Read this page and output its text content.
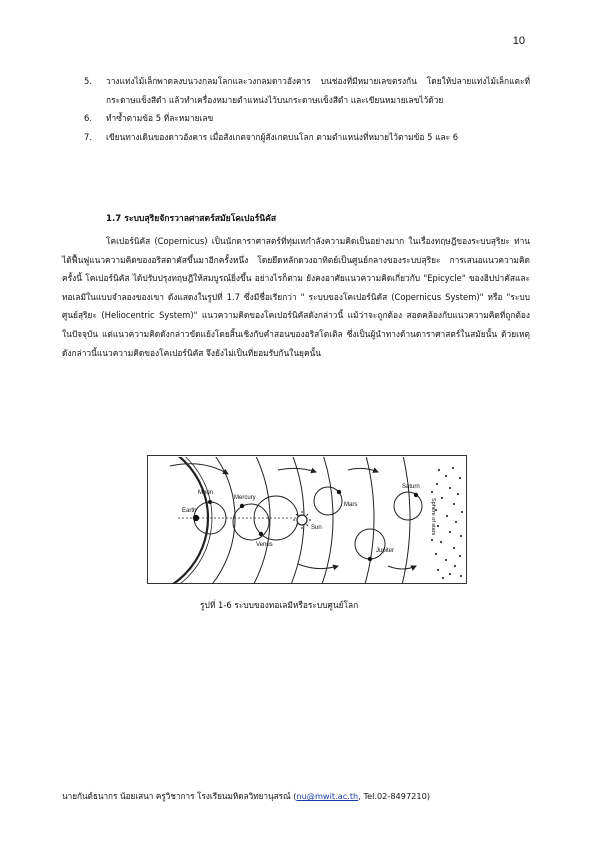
10
5.	วางแท่งไม้เล็กพาดลงบนวงกลมโลกและวงกลมดาวอังคาร บนช่องที่มีหมายเลขตรงกัน โดยให้ปลายแท่งไม้เล็กแตะที่กระดาษแข็งสีดำ แล้วทำเครื่องหมายตำแหน่งไว้บนกระดาษแข็งสีดำ และเขียนหมายเลขไว้ด้วย
6.	ทำซ้ำตามข้อ 5 ที่ละหมายเลข
7.	เขียนทางเดินของดาวอังคาร เมื่อสังเกตจากผู้สังเกตบนโลก ตามตำแหน่งที่หมายไว้ตามข้อ 5 และ 6
1.7 ระบบสุริยจักรวาลศาสตร์สมัยโคเปอร์นิคัส

โคเปอร์นิคัส (Copernicus) เป็นนักดาราศาสตร์ที่ทุ่มเทกำลังความคิดเป็นอย่างมาก ในเรื่องทฤษฎีของระบบสุริยะ ท่านได้ฟื้นฟูแนวความคิดของอริสตาคัสขึ้นมาอีกครั้งหนึ่ง โดยยึดหลักดวงอาทิตย์เป็นศูนย์กลางของระบบสุริยะ การเสนอแนวความคิดครั้งนี้ โคเปอร์นิคัส ได้ปรับปรุงทฤษฎีให้สมบูรณ์ยิ่งขึ้น อย่างไรก็ตาม ยังคงอาศัยแนวความคิดเกี่ยวกับ "Epicycle" ของฮิปปาคัสและทอเลมีในแบบจำลองของเขา ดังแสดงในรูปที่ 1.7 ซึ่งมีชื่อเรียกว่า " ระบบของโคเปอร์นิคัส (Copernicus System)" หรือ "ระบบศูนย์สุริยะ (Heliocentric System)" แนวความคิดของโคเปอร์นิคัสดังกล่าวนี้ แม้ว่าจะถูกต้อง สอดคล้องกับแนวความคิดที่ถูกต้องในปัจจุบัน แต่แนวความคิดดังกล่าวขัดแย้งโดยสิ้นเชิงกับคำสอนของอริสโตเติล ซึ่งเป็นผู้นำทางด้านดาราศาสตร์ในสมัยนั้น ด้วยเหตุดังกล่าวนี้แนวความคิดของโคเปอร์นิคัส จึงยังไม่เป็นที่ยอมรับกันในยุคนั้น

Moon
Earth
Mercury
Venus
Sun
Mars
Jupiter
Saturn
Sphere of stars

รูปที่ 1-6 ระบบของทอเลมีหรือระบบศูนย์โลก

นายกันต์ธนากร น้อยเสนา ครูวิชาการ โรงเรียนมหิดลวิทยานุสรณ์ (nu@mwit.ac.th, Tel.02-8497210)
